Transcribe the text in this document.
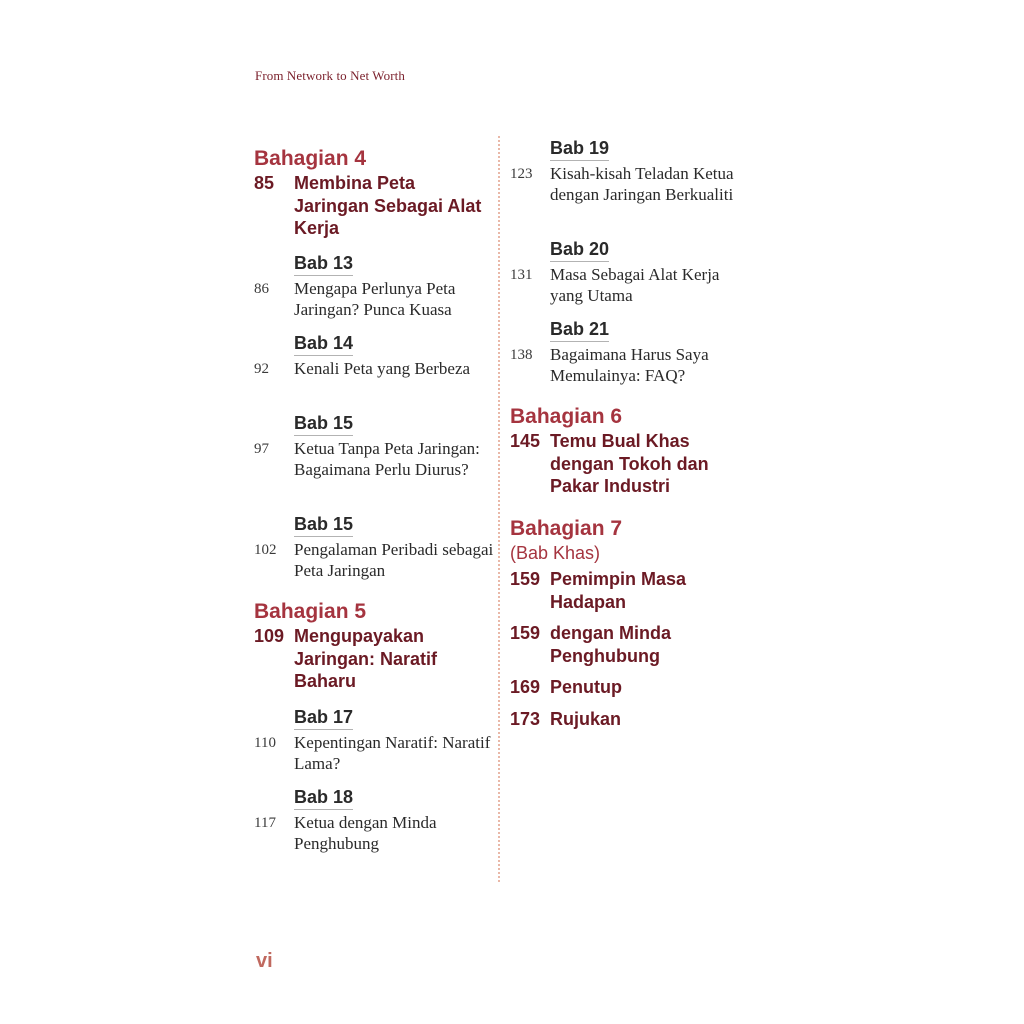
From Network to Net Worth
Bahagian 4
85	Membina Peta Jaringan Sebagai Alat Kerja
Bab 13
86	Mengapa Perlunya Peta Jaringan? Punca Kuasa
Bab 14
92	Kenali Peta yang Berbeza
Bab 15
97	Ketua Tanpa Peta Jaringan: Bagaimana Perlu Diurus?
Bab 15
102	Pengalaman Peribadi sebagai Peta Jaringan
Bahagian 5
109 Mengupayakan Jaringan: Naratif Baharu
Bab 17
110	Kepentingan Naratif: Naratif Lama?
Bab 18
117	Ketua dengan Minda Penghubung
Bab 19
123	Kisah-kisah Teladan Ketua dengan Jaringan Berkualiti
Bab 20
131	Masa Sebagai Alat Kerja yang Utama
Bab 21
138	Bagaimana Harus Saya Memulainya: FAQ?
Bahagian 6
145 Temu Bual Khas dengan Tokoh dan Pakar Industri
Bahagian 7
(Bab Khas)
159 Pemimpin Masa Hadapan
159 dengan Minda Penghubung
169 Penutup
173 Rujukan
vi
